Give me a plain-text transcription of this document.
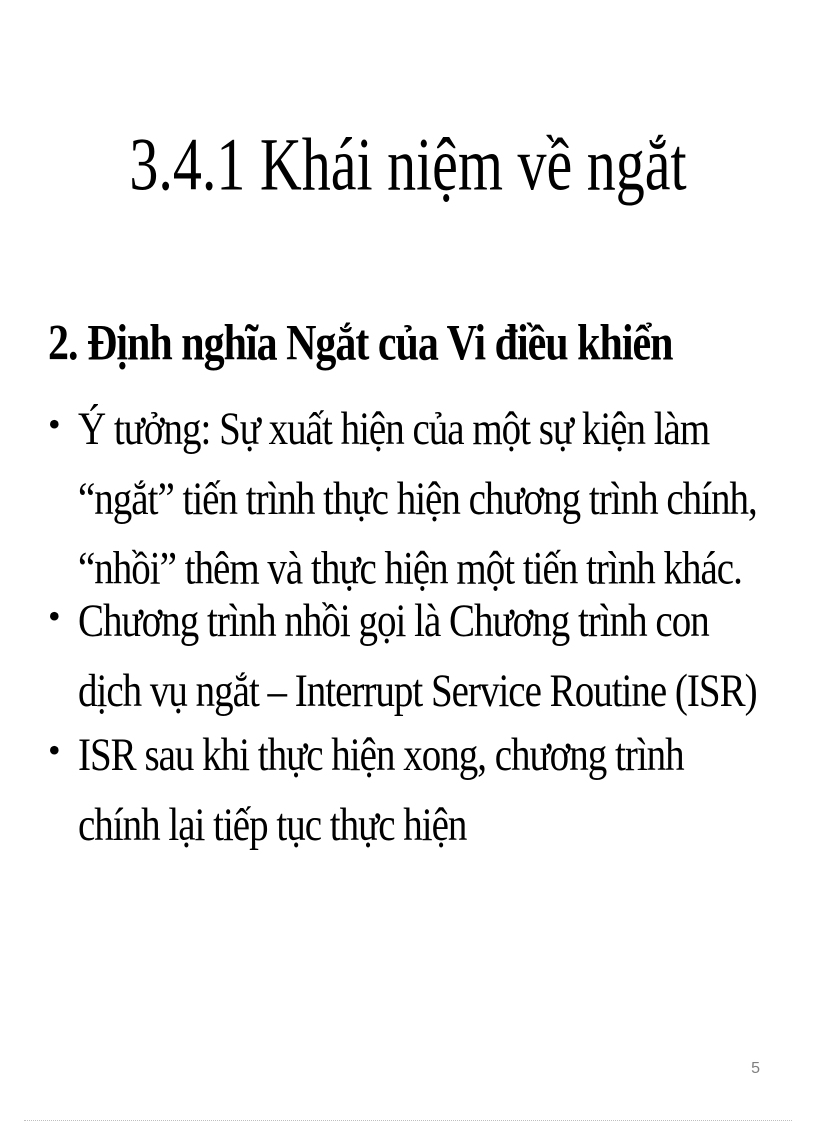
3.4.1 Khái niệm về ngắt
2. Định nghĩa Ngắt của Vi điều khiển
• Ý tưởng: Sự xuất hiện của một sự kiện làm
“ngắt” tiến trình thực hiện chương trình chính,
“nhồi” thêm và thực hiện một tiến trình khác.
• Chương trình nhồi gọi là Chương trình con
dịch vụ ngắt – Interrupt Service Routine (ISR)
• ISR sau khi thực hiện xong, chương trình
chính lại tiếp tục thực hiện
5
